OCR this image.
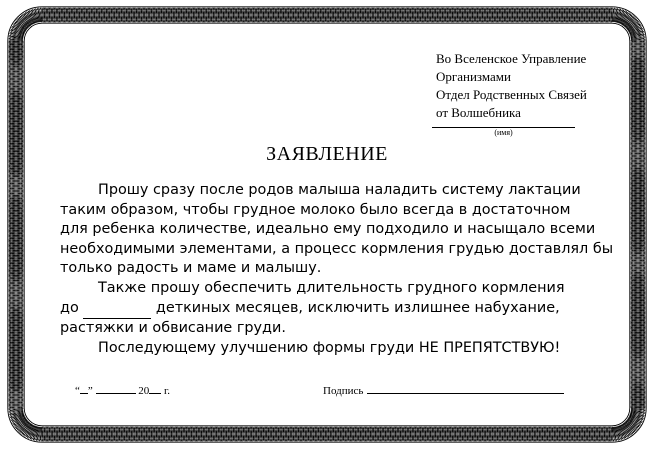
Во Вселенское Управление
Организмами
Отдел Родственных Связей
от Волшебника
(имя)
ЗАЯВЛЕНИЕ
Прошу сразу после родов малыша наладить систему лактации
таким образом, чтобы грудное молоко было всегда в достаточном
для ребенка количестве, идеально ему подходило и насыщало всеми
необходимыми элементами, а процесс кормления грудью доставлял бы
только радость и маме и малышу.
Также прошу обеспечить длительность грудного кормления
до	деткиных месяцев, исключить излишнее набухание,
растяжки и обвисание груди.
Последующему улучшению формы груди НЕ ПРЕПЯТСТВУЮ!
“ ”	20 г.	Подпись
